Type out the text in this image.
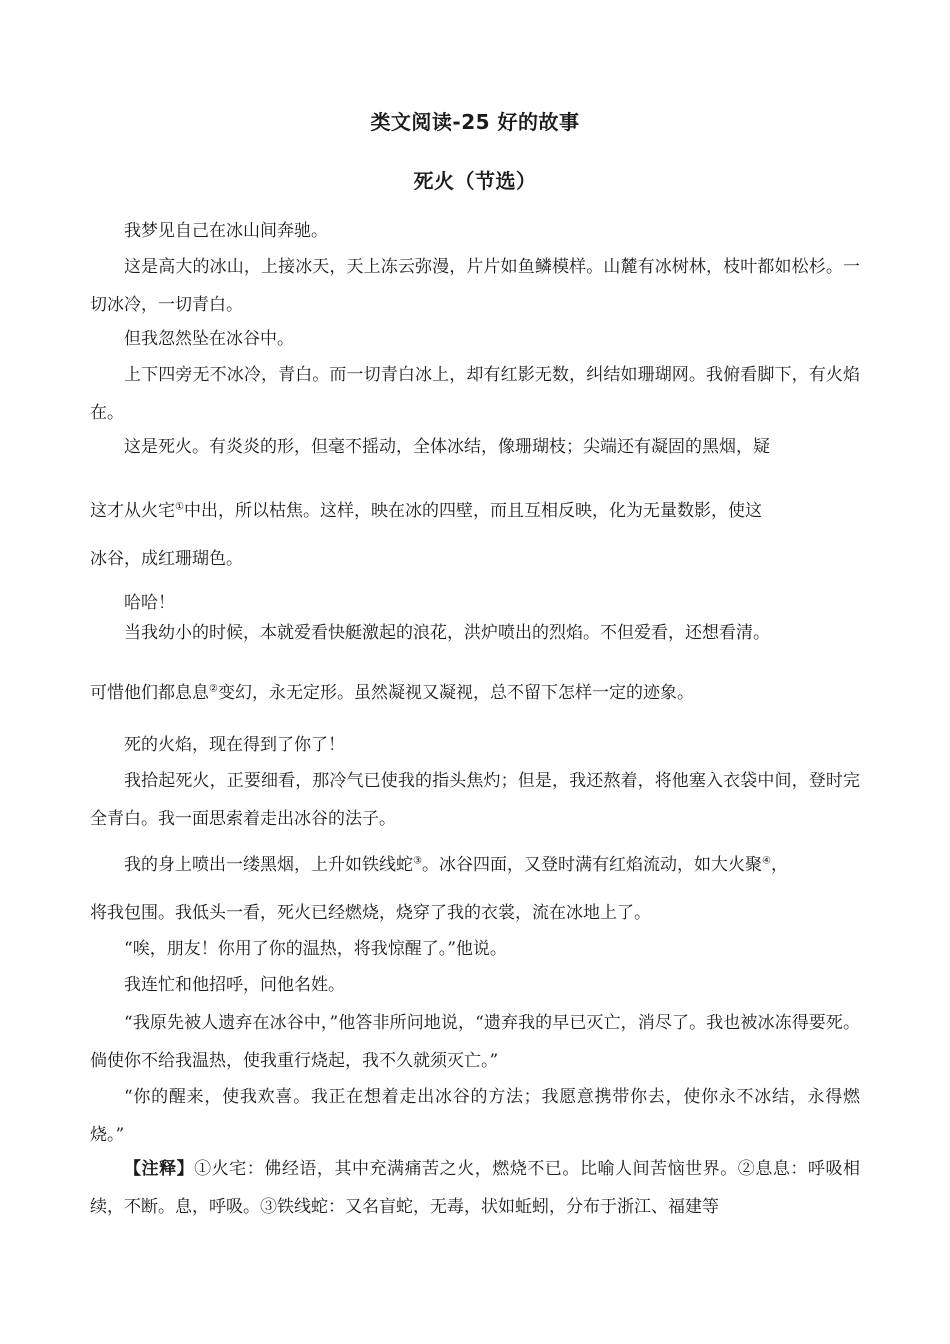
类文阅读-25 好的故事
死火（节选）

我梦见自己在冰山间奔驰。

这是高大的冰山，上接冰天，天上冻云弥漫，片片如鱼鳞模样。山麓有冰树林，枝叶都如松杉。一切冰冷，一切青白。

但我忽然坠在冰谷中。

上下四旁无不冰冷，青白。而一切青白冰上，却有红影无数，纠结如珊瑚网。我俯看脚下，有火焰在。

这是死火。有炎炎的形，但毫不摇动，全体冰结，像珊瑚枝；尖端还有凝固的黑烟，疑

这才从火宅①中出，所以枯焦。这样，映在冰的四壁，而且互相反映，化为无量数影，使这

冰谷，成红珊瑚色。

哈哈！

当我幼小的时候，本就爱看快艇激起的浪花，洪炉喷出的烈焰。不但爱看，还想看清。

可惜他们都息息②变幻，永无定形。虽然凝视又凝视，总不留下怎样一定的迹象。

死的火焰，现在得到了你了！

我拾起死火，正要细看，那冷气已使我的指头焦灼；但是，我还熬着，将他塞入衣袋中间，登时完全青白。我一面思索着走出冰谷的法子。

我的身上喷出一缕黑烟，上升如铁线蛇③。冰谷四面，又登时满有红焰流动，如大火聚④，

将我包围。我低头一看，死火已经燃烧，烧穿了我的衣裳，流在冰地上了。

“唉，朋友！你用了你的温热，将我惊醒了。”他说。

我连忙和他招呼，问他名姓。

“我原先被人遗弃在冰谷中，”他答非所问地说，“遗弃我的早已灭亡，消尽了。我也被冰冻得要死。倘使你不给我温热，使我重行烧起，我不久就须灭亡。”

“你的醒来，使我欢喜。我正在想着走出冰谷的方法；我愿意携带你去，使你永不冰结，永得燃烧。”

【注释】①火宅：佛经语，其中充满痛苦之火，燃烧不已。比喻人间苦恼世界。②息息：呼吸相续，不断。息，呼吸。③铁线蛇：又名盲蛇，无毒，状如蚯蚓，分布于浙江、福建等
